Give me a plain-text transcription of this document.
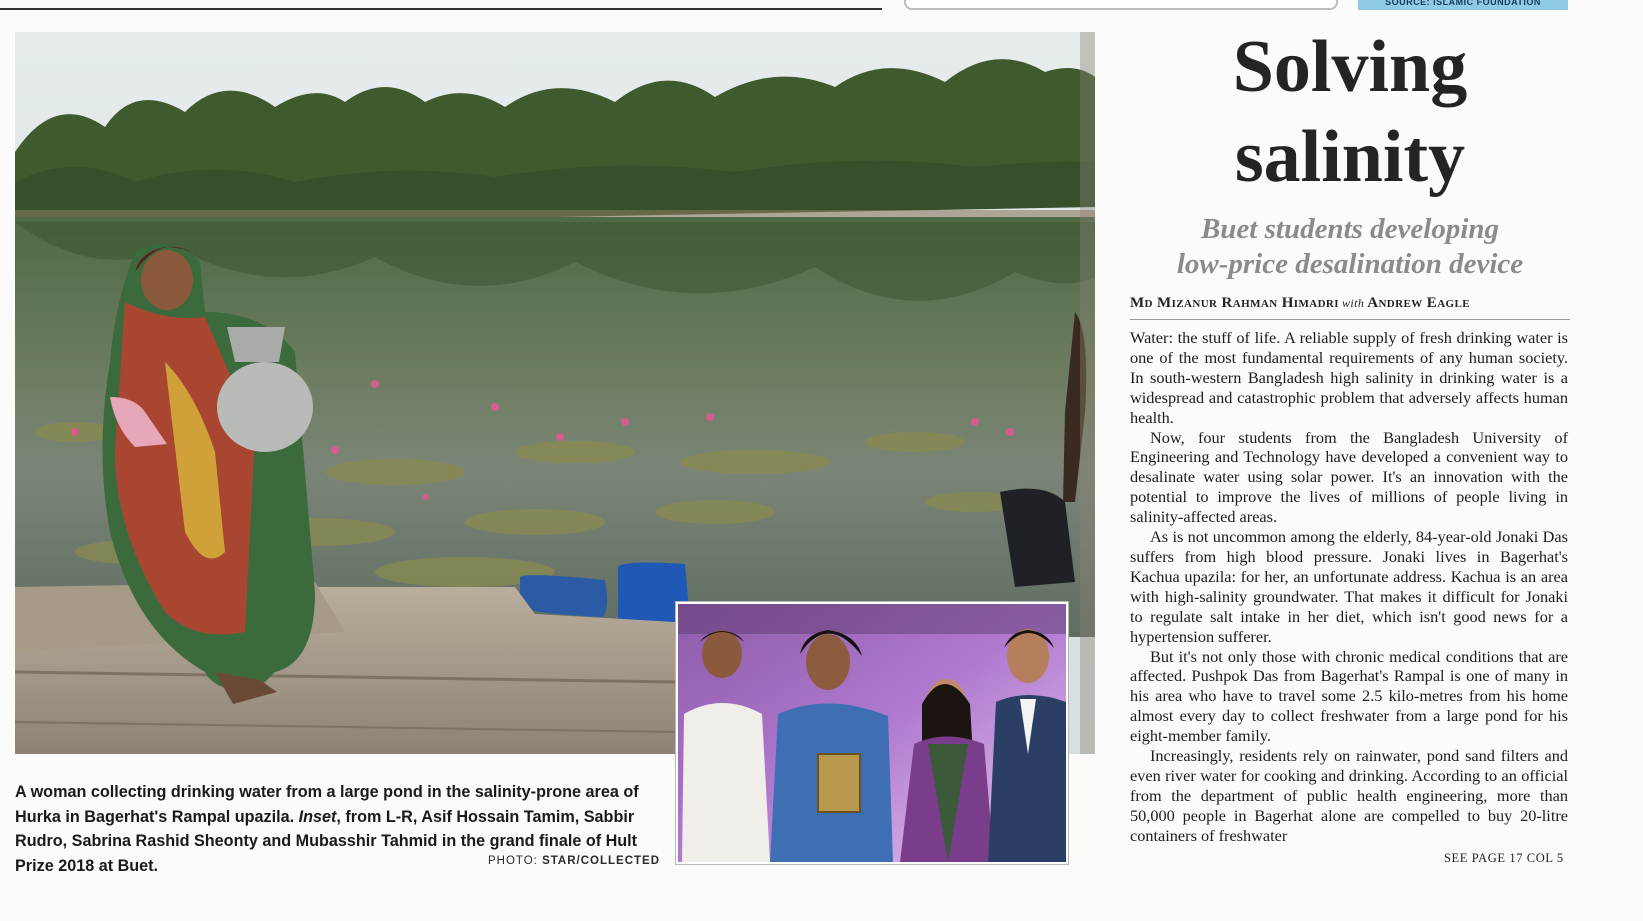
SOURCE: ISLAMIC FOUNDATION
A woman collecting drinking water from a large pond in the salinity-prone area of Hurka in Bagerhat's Rampal upazila. Inset, from L-R, Asif Hossain Tamim, Sabbir Rudro, Sabrina Rashid Sheonty and Mubasshir Tahmid in the grand finale of Hult Prize 2018 at Buet.	PHOTO: STAR/COLLECTED
Solving
salinity
Buet students developing
low-price desalination device
Md Mizanur Rahman Himadri with Andrew Eagle

Water: the stuff of life. A reliable supply of fresh drinking water is one of the most fundamental requirements of any human society. In south-western Bangladesh high salinity in drinking water is a widespread and catastrophic problem that adversely affects human health.

Now, four students from the Bangladesh University of Engineering and Technology have developed a convenient way to desalinate water using solar power. It's an innovation with the potential to improve the lives of millions of people living in salinity-affected areas.

As is not uncommon among the elderly, 84-year-old Jonaki Das suffers from high blood pressure. Jonaki lives in Bagerhat's Kachua upazila: for her, an unfortunate address. Kachua is an area with high-salinity groundwater. That makes it difficult for Jonaki to regulate salt intake in her diet, which isn't good news for a hypertension sufferer.

But it's not only those with chronic medical conditions that are affected. Pushpok Das from Bagerhat's Rampal is one of many in his area who have to travel some 2.5 kilo-metres from his home almost every day to collect freshwater from a large pond for his eight-member family.

Increasingly, residents rely on rainwater, pond sand filters and even river water for cooking and drinking. According to an official from the department of public health engineering, more than 50,000 people in Bagerhat alone are compelled to buy 20-litre containers of freshwater

SEE PAGE 17 COL 5
